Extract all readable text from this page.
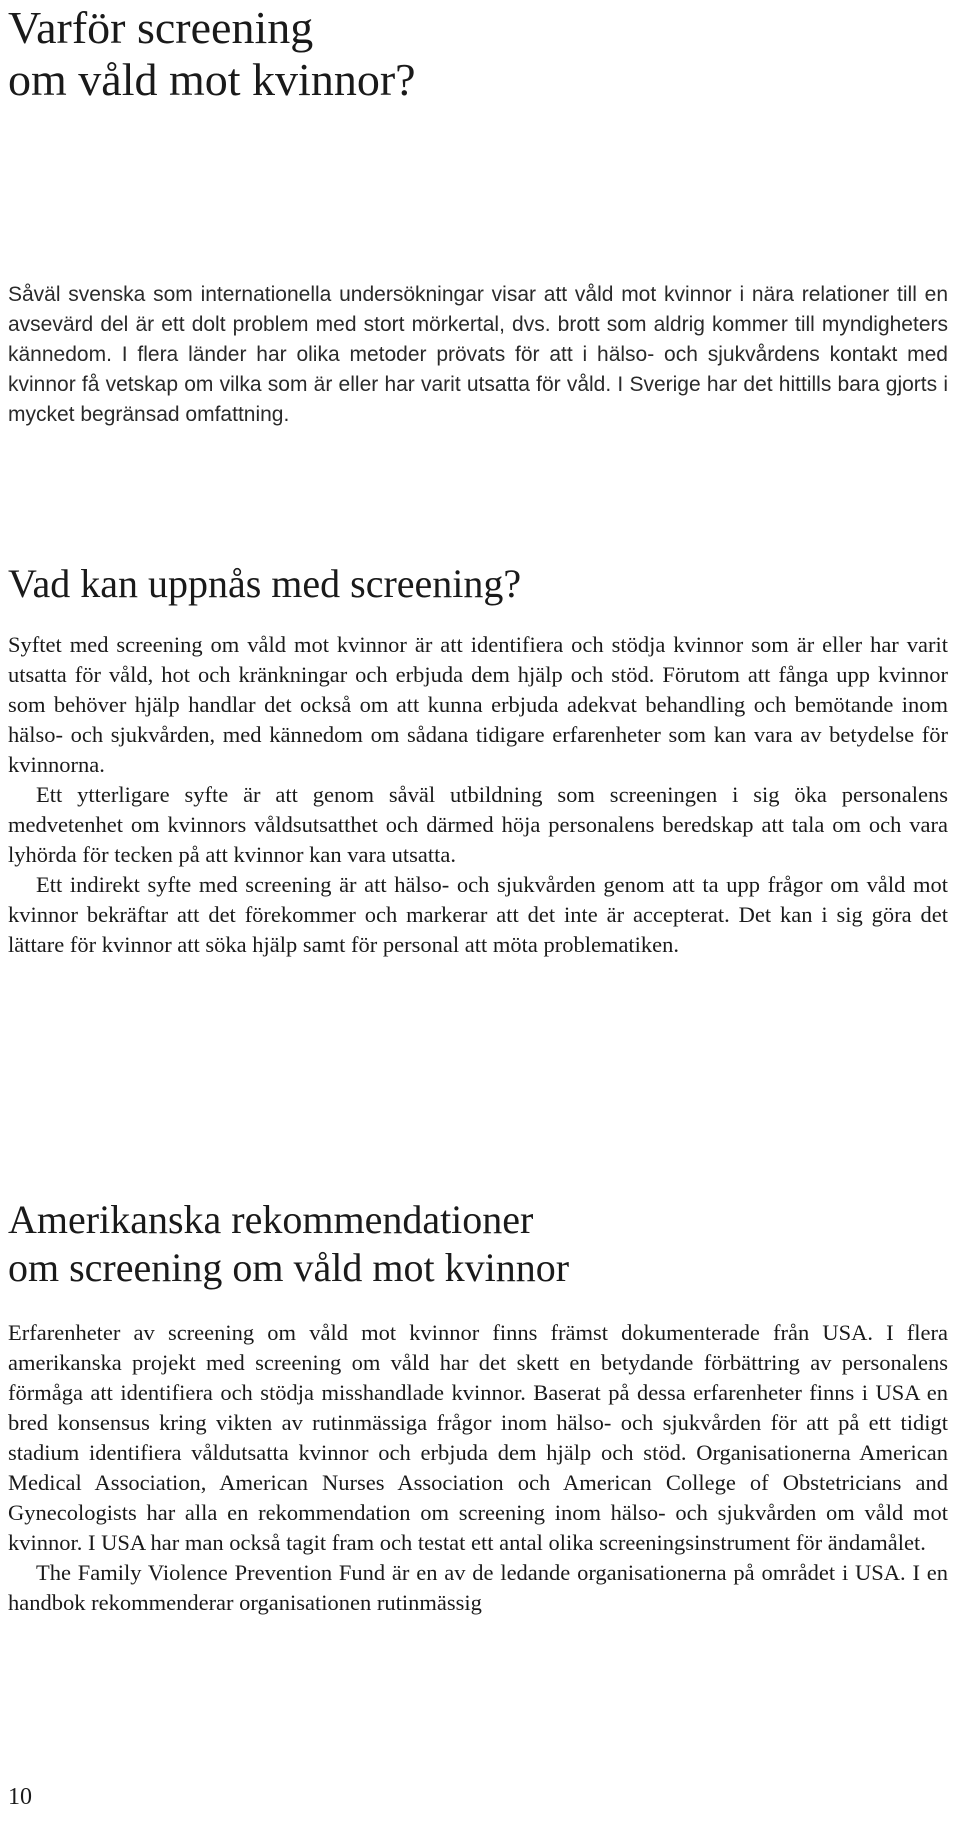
Varför screening
om våld mot kvinnor?

Såväl svenska som internationella undersökningar visar att våld mot kvinnor i nära relationer till en avsevärd del är ett dolt problem med stort mörkertal, dvs. brott som aldrig kommer till myndigheters kännedom. I flera länder har olika metoder prövats för att i hälso- och sjukvårdens kontakt med kvinnor få vetskap om vilka som är eller har varit utsatta för våld. I Sverige har det hittills bara gjorts i mycket begränsad omfattning.

Vad kan uppnås med screening?

Syftet med screening om våld mot kvinnor är att identifiera och stödja kvinnor som är eller har varit utsatta för våld, hot och kränkningar och erbjuda dem hjälp och stöd. Förutom att fånga upp kvinnor som behöver hjälp handlar det också om att kunna erbjuda adekvat behandling och bemötande inom hälso- och sjukvården, med kännedom om sådana tidigare erfarenheter som kan vara av betydelse för kvinnorna.

Ett ytterligare syfte är att genom såväl utbildning som screeningen i sig öka personalens medvetenhet om kvinnors våldsutsatthet och därmed höja personalens beredskap att tala om och vara lyhörda för tecken på att kvinnor kan vara utsatta.

Ett indirekt syfte med screening är att hälso- och sjukvården genom att ta upp frågor om våld mot kvinnor bekräftar att det förekommer och markerar att det inte är accepterat. Det kan i sig göra det lättare för kvinnor att söka hjälp samt för personal att möta problematiken.

Amerikanska rekommendationer
om screening om våld mot kvinnor

Erfarenheter av screening om våld mot kvinnor finns främst dokumenterade från USA. I flera amerikanska projekt med screening om våld har det skett en betydande förbättring av personalens förmåga att identifiera och stödja misshandlade kvinnor. Baserat på dessa erfarenheter finns i USA en bred konsensus kring vikten av rutinmässiga frågor inom hälso- och sjukvården för att på ett tidigt stadium identifiera våldutsatta kvinnor och erbjuda dem hjälp och stöd. Organisationerna American Medical Association, American Nurses Association och American College of Obstetricians and Gynecologists har alla en rekommendation om screening inom hälso- och sjukvården om våld mot kvinnor. I USA har man också tagit fram och testat ett antal olika screeningsinstrument för ändamålet.

The Family Violence Prevention Fund är en av de ledande organisationerna på området i USA. I en handbok rekommenderar organisationen rutinmässig

10
